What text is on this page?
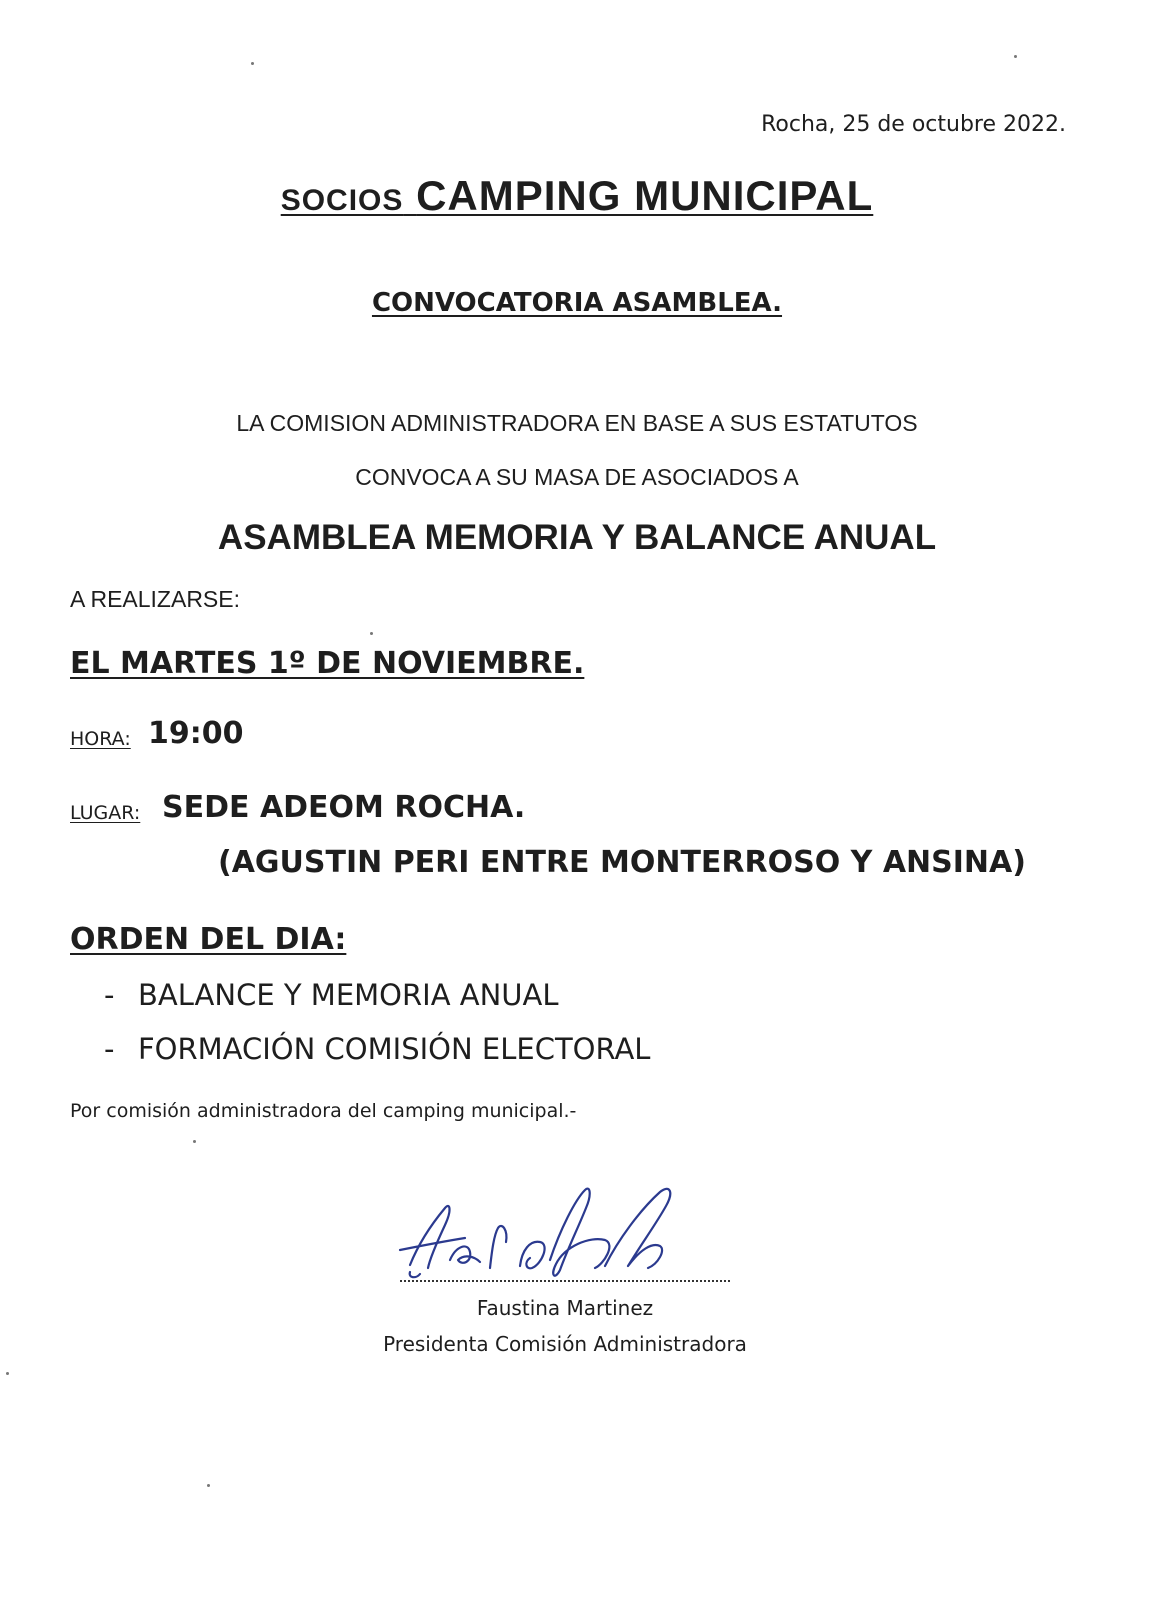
Rocha, 25 de octubre 2022.

SOCIOS CAMPING MUNICIPAL

CONVOCATORIA ASAMBLEA.

LA COMISION ADMINISTRADORA EN BASE A SUS ESTATUTOS

CONVOCA A SU MASA DE ASOCIADOS A

ASAMBLEA MEMORIA Y BALANCE ANUAL

A REALIZARSE:

EL MARTES 1º DE NOVIEMBRE.

HORA: 19:00

LUGAR: SEDE ADEOM ROCHA.

(AGUSTIN PERI ENTRE MONTERROSO Y ANSINA)

ORDEN DEL DIA:

- BALANCE Y MEMORIA ANUAL

- FORMACIÓN COMISIÓN ELECTORAL

Por comisión administradora del camping municipal.-

Faustina Martinez

Presidenta Comisión Administradora
